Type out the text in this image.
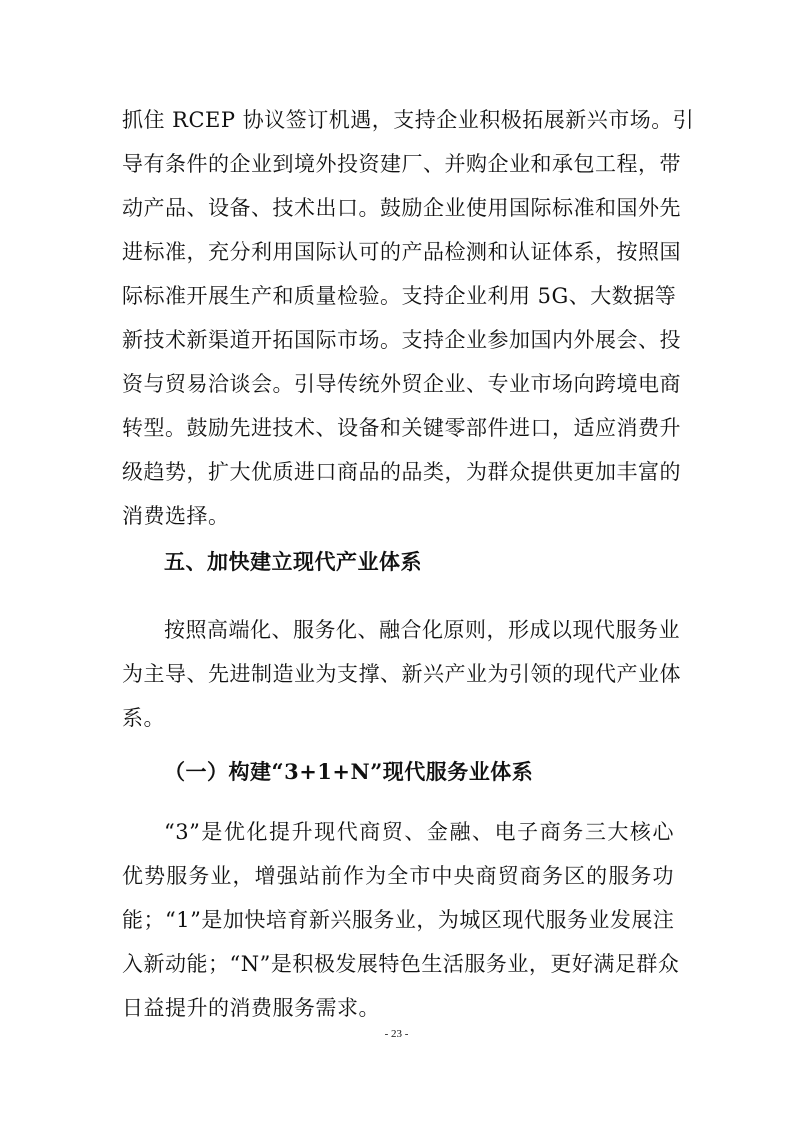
抓住 RCEP 协议签订机遇，支持企业积极拓展新兴市场。引
导有条件的企业到境外投资建厂、并购企业和承包工程，带
动产品、设备、技术出口。鼓励企业使用国际标准和国外先
进标准，充分利用国际认可的产品检测和认证体系，按照国
际标准开展生产和质量检验。支持企业利用 5G、大数据等
新技术新渠道开拓国际市场。支持企业参加国内外展会、投
资与贸易洽谈会。引导传统外贸企业、专业市场向跨境电商
转型。鼓励先进技术、设备和关键零部件进口，适应消费升
级趋势，扩大优质进口商品的品类，为群众提供更加丰富的
消费选择。
五、加快建立现代产业体系
按照高端化、服务化、融合化原则，形成以现代服务业
为主导、先进制造业为支撑、新兴产业为引领的现代产业体
系。
（一）构建“3+1+N”现代服务业体系
“3”是优化提升现代商贸、金融、电子商务三大核心
优势服务业，增强站前作为全市中央商贸商务区的服务功
能；“1”是加快培育新兴服务业，为城区现代服务业发展注
入新动能；“N”是积极发展特色生活服务业，更好满足群众
日益提升的消费服务需求。
- 23 -
